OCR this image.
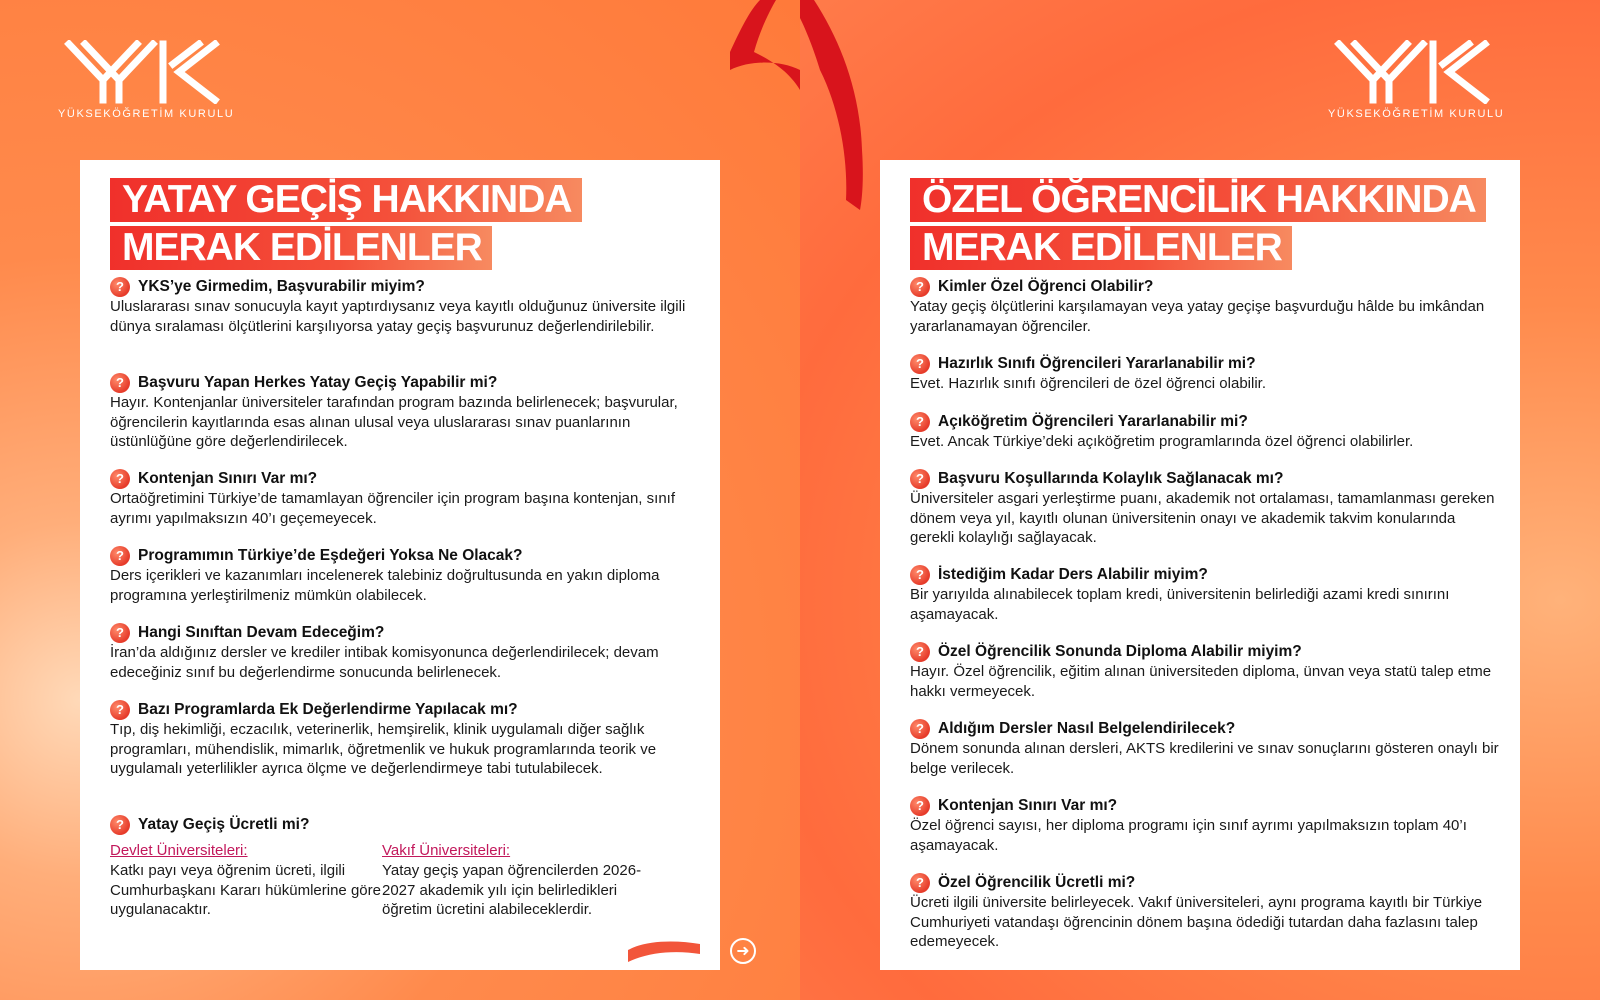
YÜKSEKÖĞRETİM KURULU
YATAY GEÇİŞ HAKKINDA
MERAK EDİLENLER
? YKS’ye Girmedim, Başvurabilir miyim?
Uluslararası sınav sonucuyla kayıt yaptırdıysanız veya kayıtlı olduğunuz üniversite ilgili dünya sıralaması ölçütlerini karşılıyorsa yatay geçiş başvurunuz değerlendirilebilir.
? Başvuru Yapan Herkes Yatay Geçiş Yapabilir mi?
Hayır. Kontenjanlar üniversiteler tarafından program bazında belirlenecek; başvurular, öğrencilerin kayıtlarında esas alınan ulusal veya uluslararası sınav puanlarının üstünlüğüne göre değerlendirilecek.
? Kontenjan Sınırı Var mı?
Ortaöğretimini Türkiye’de tamamlayan öğrenciler için program başına kontenjan, sınıf ayrımı yapılmaksızın 40’ı geçemeyecek.
? Programımın Türkiye’de Eşdeğeri Yoksa Ne Olacak?
Ders içerikleri ve kazanımları incelenerek talebiniz doğrultusunda en yakın diploma programına yerleştirilmeniz mümkün olabilecek.
? Hangi Sınıftan Devam Edeceğim?
İran’da aldığınız dersler ve krediler intibak komisyonunca değerlendirilecek; devam edeceğiniz sınıf bu değerlendirme sonucunda belirlenecek.
? Bazı Programlarda Ek Değerlendirme Yapılacak mı?
Tıp, diş hekimliği, eczacılık, veterinerlik, hemşirelik, klinik uygulamalı diğer sağlık programları, mühendislik, mimarlık, öğretmenlik ve hukuk programlarında teorik ve uygulamalı yeterlilikler ayrıca ölçme ve değerlendirmeye tabi tutulabilecek.
? Yatay Geçiş Ücretli mi?
Devlet Üniversiteleri:
Katkı payı veya öğrenim ücreti, ilgili Cumhurbaşkanı Kararı hükümlerine göre uygulanacaktır.
Vakıf Üniversiteleri:
Yatay geçiş yapan öğrencilerden 2026-2027 akademik yılı için belirledikleri öğretim ücretini alabileceklerdir.
➜
YÜKSEKÖĞRETİM KURULU
ÖZEL ÖĞRENCİLİK HAKKINDA
MERAK EDİLENLER
? Kimler Özel Öğrenci Olabilir?
Yatay geçiş ölçütlerini karşılamayan veya yatay geçişe başvurduğu hâlde bu imkândan yararlanamayan öğrenciler.
? Hazırlık Sınıfı Öğrencileri Yararlanabilir mi?
Evet. Hazırlık sınıfı öğrencileri de özel öğrenci olabilir.
? Açıköğretim Öğrencileri Yararlanabilir mi?
Evet. Ancak Türkiye’deki açıköğretim programlarında özel öğrenci olabilirler.
? Başvuru Koşullarında Kolaylık Sağlanacak mı?
Üniversiteler asgari yerleştirme puanı, akademik not ortalaması, tamamlanması gereken dönem veya yıl, kayıtlı olunan üniversitenin onayı ve akademik takvim konularında gerekli kolaylığı sağlayacak.
? İstediğim Kadar Ders Alabilir miyim?
Bir yarıyılda alınabilecek toplam kredi, üniversitenin belirlediği azami kredi sınırını aşamayacak.
? Özel Öğrencilik Sonunda Diploma Alabilir miyim?
Hayır. Özel öğrencilik, eğitim alınan üniversiteden diploma, ünvan veya statü talep etme hakkı vermeyecek.
? Aldığım Dersler Nasıl Belgelendirilecek?
Dönem sonunda alınan dersleri, AKTS kredilerini ve sınav sonuçlarını gösteren onaylı bir belge verilecek.
? Kontenjan Sınırı Var mı?
Özel öğrenci sayısı, her diploma programı için sınıf ayrımı yapılmaksızın toplam 40’ı aşamayacak.
? Özel Öğrencilik Ücretli mi?
Ücreti ilgili üniversite belirleyecek. Vakıf üniversiteleri, aynı programa kayıtlı bir Türkiye Cumhuriyeti vatandaşı öğrencinin dönem başına ödediği tutardan daha fazlasını talep edemeyecek.
